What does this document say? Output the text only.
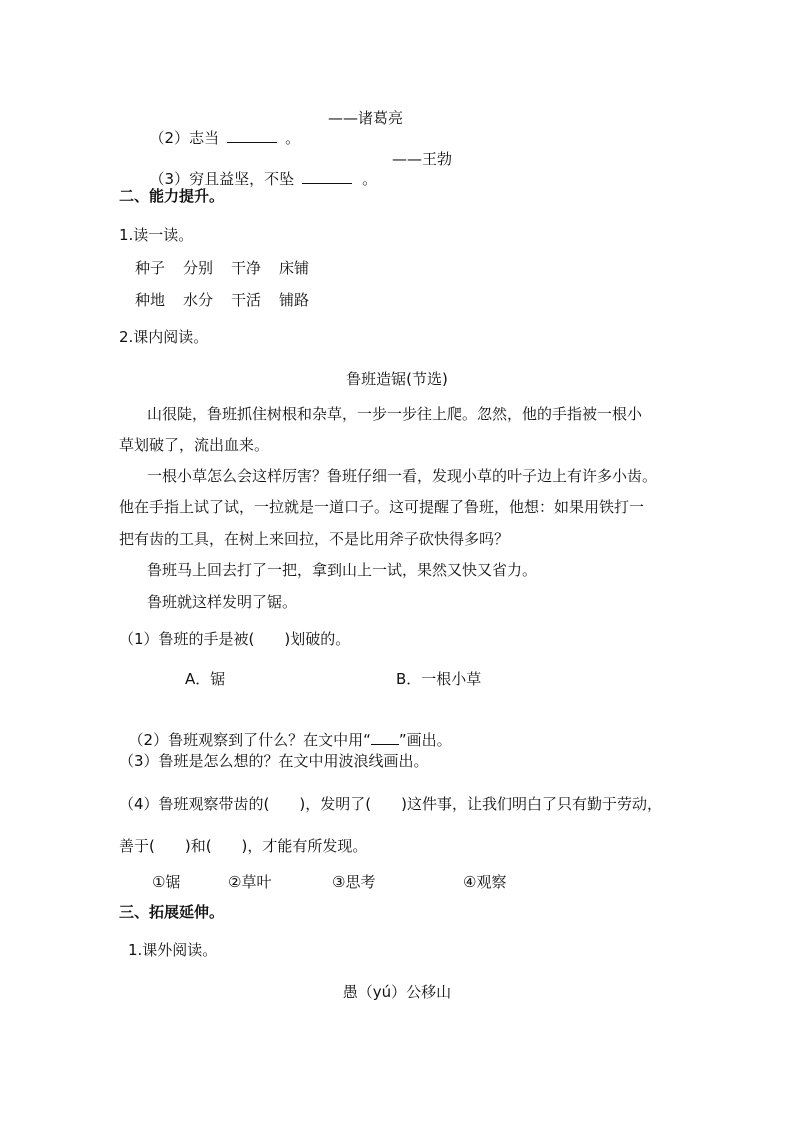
（2）志当	。

——诸葛亮

（3）穷且益坚，不坠	。

——王勃
二、能力提升。
1.读一读。
种子 分别 干净 床铺
种地 水分 干活 铺路
2.课内阅读。
鲁班造锯(节选)
山很陡，鲁班抓住树根和杂草，一步一步往上爬。忽然，他的手指被一根小
草划破了，流出血来。
一根小草怎么会这样厉害？鲁班仔细一看，发现小草的叶子边上有许多小齿。
他在手指上试了试，一拉就是一道口子。这可提醒了鲁班，他想：如果用铁打一
把有齿的工具，在树上来回拉，不是比用斧子砍快得多吗？
鲁班马上回去打了一把，拿到山上一试，果然又快又省力。
鲁班就这样发明了锯。
（1）鲁班的手是被(　　)划破的。
A．锯	B．一根小草

（2）鲁班观察到了什么？在文中用“ ”画出。

（3）鲁班是怎么想的？在文中用波浪线画出。
（4）鲁班观察带齿的(　　)，发明了(　　)这件事，让我们明白了只有勤于劳动，
善于(　　)和(　　)，才能有所发现。
①锯	②草叶	③思考	④观察
三、拓展延伸。
1.课外阅读。
愚（yú）公移山
